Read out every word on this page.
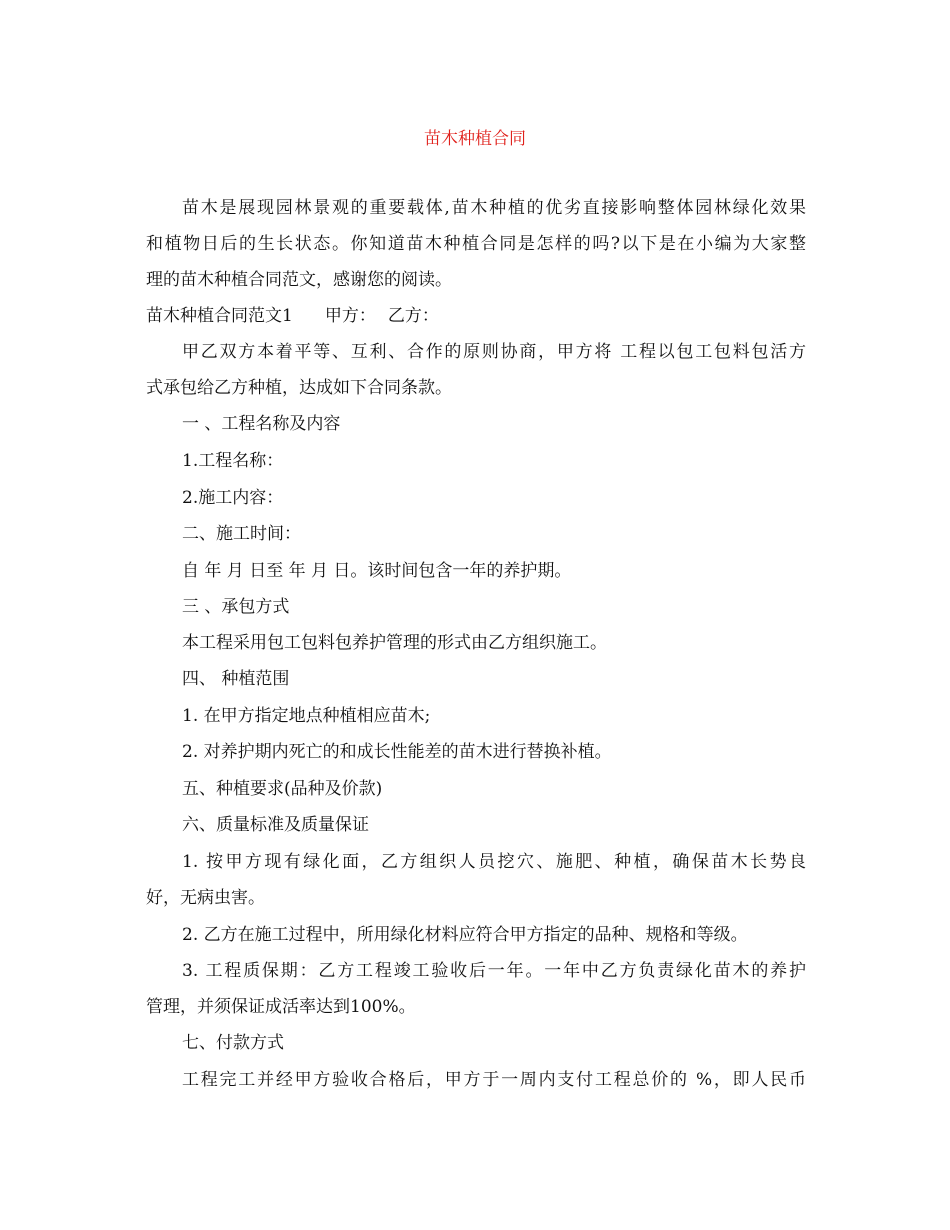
苗木种植合同
苗木是展现园林景观的重要载体,苗木种植的优劣直接影响整体园林绿化效果
和植物日后的生长状态。你知道苗木种植合同是怎样的吗?以下是在小编为大家整
理的苗木种植合同范文，感谢您的阅读。
苗木种植合同范文1 甲方： 乙方：
甲乙双方本着平等、互利、合作的原则协商，甲方将 工程以包工包料包活方
式承包给乙方种植，达成如下合同条款。
一 、工程名称及内容
1.工程名称：
2.施工内容：
二、施工时间：
自 年 月 日至 年 月 日。该时间包含一年的养护期。
三 、承包方式
本工程采用包工包料包养护管理的形式由乙方组织施工。
四、 种植范围
1. 在甲方指定地点种植相应苗木;
2. 对养护期内死亡的和成长性能差的苗木进行替换补植。
五、种植要求(品种及价款)
六、质量标准及质量保证
1. 按甲方现有绿化面，乙方组织人员挖穴、施肥、种植，确保苗木长势良
好，无病虫害。
2. 乙方在施工过程中，所用绿化材料应符合甲方指定的品种、规格和等级。
3. 工程质保期：乙方工程竣工验收后一年。一年中乙方负责绿化苗木的养护
管理，并须保证成活率达到100%。
七、付款方式
工程完工并经甲方验收合格后，甲方于一周内支付工程总价的 %，即人民币
